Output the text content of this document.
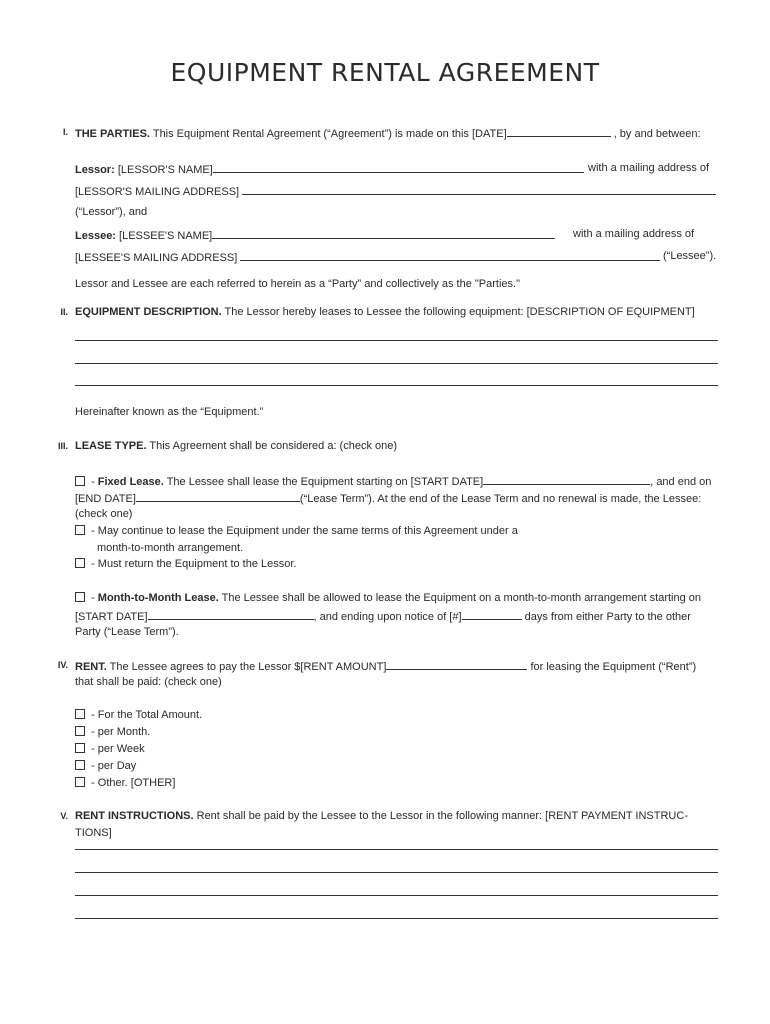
EQUIPMENT RENTAL AGREEMENT
I. THE PARTIES. This Equipment Rental Agreement (“Agreement”) is made on this [DATE]	, by and between:
Lessor: [LESSOR'S NAME]	with a mailing address of
[LESSOR'S MAILING ADDRESS]
(“Lessor”), and
Lessee: [LESSEE'S NAME]	with a mailing address of
[LESSEE'S MAILING ADDRESS]	(“Lessee”).
Lessor and Lessee are each referred to herein as a “Party” and collectively as the "Parties."
II. EQUIPMENT DESCRIPTION. The Lessor hereby leases to Lessee the following equipment: [DESCRIPTION OF EQUIPMENT]
Hereinafter known as the “Equipment.”
III. LEASE TYPE. This Agreement shall be considered a: (check one)
- Fixed Lease. The Lessee shall lease the Equipment starting on [START DATE]	, and end on
[END DATE]	(“Lease Term”). At the end of the Lease Term and no renewal is made, the Lessee:
(check one)
- May continue to lease the Equipment under the same terms of this Agreement under a
month-to-month arrangement.
- Must return the Equipment to the Lessor.
- Month-to-Month Lease. The Lessee shall be allowed to lease the Equipment on a month-to-month arrangement starting on
[START DATE]	, and ending upon notice of [#]	days from either Party to the other
Party (“Lease Term”).
IV. RENT. The Lessee agrees to pay the Lessor $[RENT AMOUNT]	for leasing the Equipment (“Rent”)
that shall be paid: (check one)
- For the Total Amount.
- per Month.
- per Week
- per Day
- Other. [OTHER]
V. RENT INSTRUCTIONS. Rent shall be paid by the Lessee to the Lessor in the following manner: [RENT PAYMENT INSTRUC-
TIONS]
